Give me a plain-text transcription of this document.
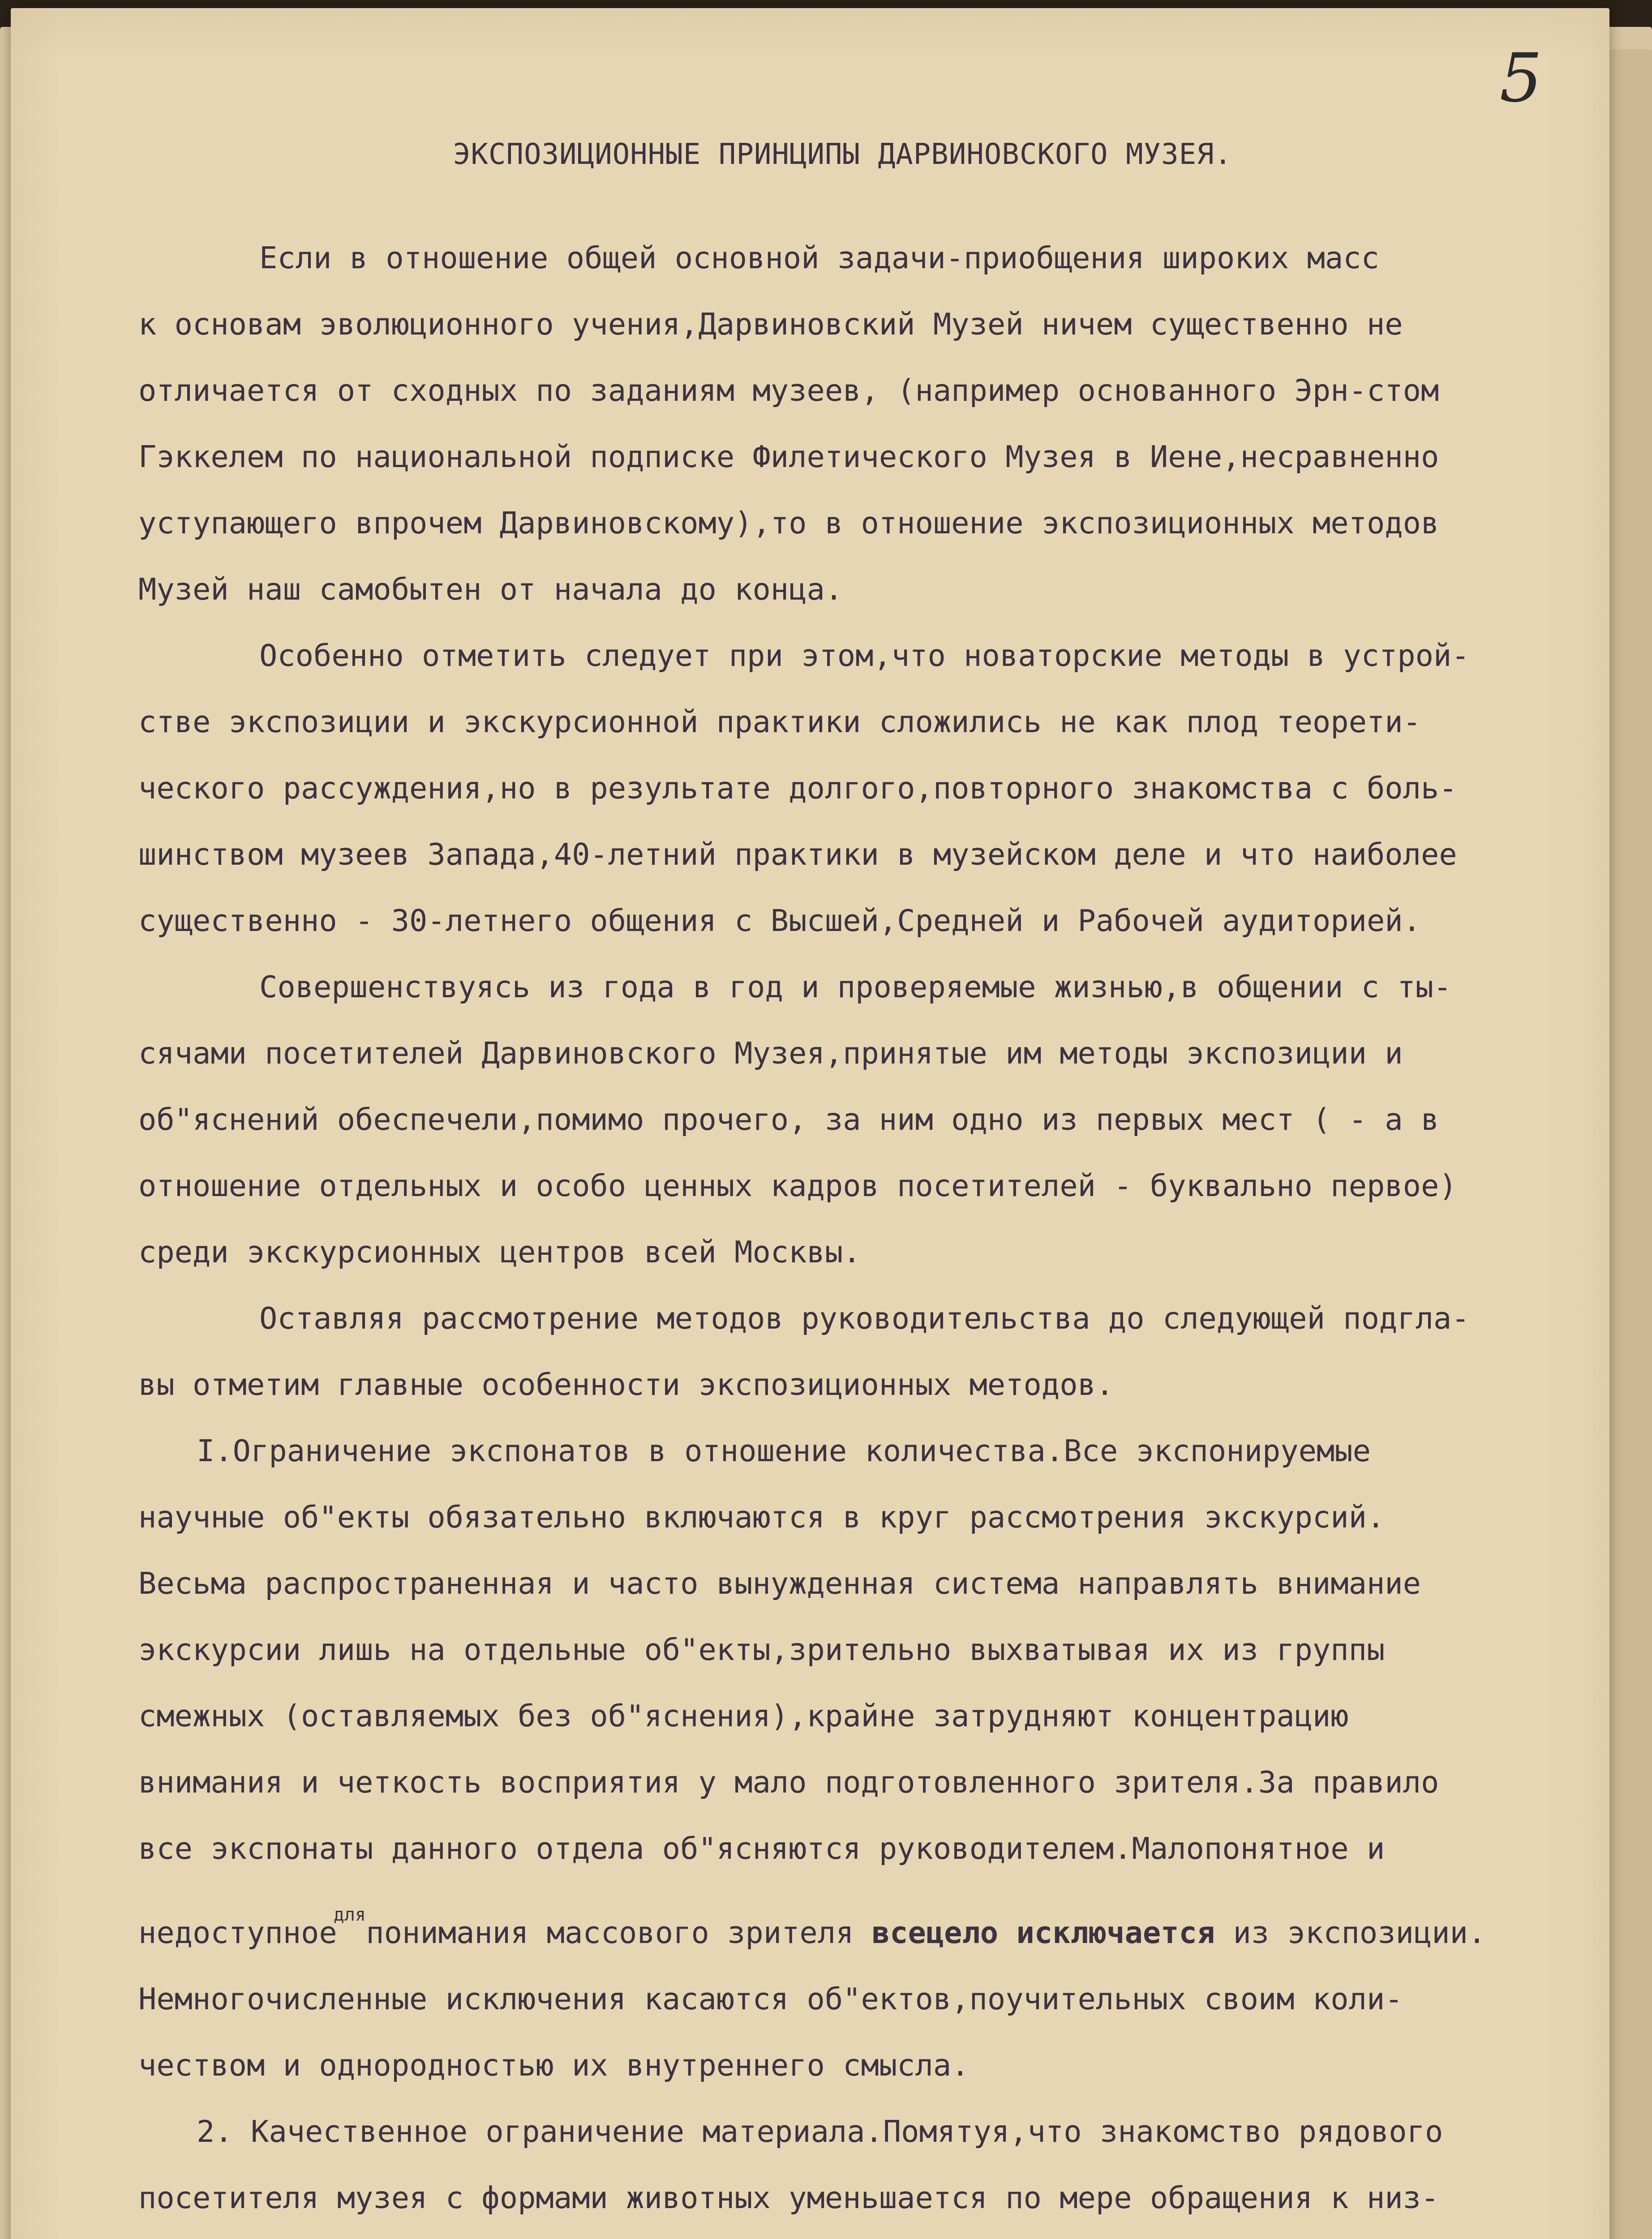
5
ЭКСПОЗИЦИОННЫЕ ПРИНЦИПЫ ДАРВИНОВСКОГО МУЗЕЯ.

Если в отношение общей основной задачи-приобщения широких масс
к основам эволюционного учения,Дарвиновский Музей ничем существенно не
отличается от сходных по заданиям музеев, (например основанного Эрн-стом
Гэккелем по национальной подписке Филетического Музея в Иене,несравненно
уступающего впрочем Дарвиновскому),то в отношение экспозиционных методов
Музей наш самобытен от начала до конца.

Особенно отметить следует при этом,что новаторские методы в устрой-
стве экспозиции и экскурсионной практики сложились не как плод теорети-
ческого рассуждения,но в результате долгого,повторного знакомства с боль-
шинством музеев Запада,40-летний практики в музейском деле и что наиболее
существенно - 30-летнего общения с Высшей,Средней и Рабочей аудиторией.

Совершенствуясь из года в год и проверяемые жизнью,в общении с ты-
сячами посетителей Дарвиновского Музея,принятые им методы экспозиции и
об"яснений обеспечели,помимо прочего, за ним одно из первых мест ( - а в
отношение отдельных и особо ценных кадров посетителей - буквально первое)
среди экскурсионных центров всей Москвы.

Оставляя рассмотрение методов руководительства до следующей подгла-
вы отметим главные особенности экспозиционных методов.

I.Ограничение экспонатов в отношение количества.Все экспонируемые
научные об"екты обязательно включаются в круг рассмотрения экскурсий.
Весьма распространенная и часто вынужденная система направлять внимание
экскурсии лишь на отдельные об"екты,зрительно выхватывая их из группы
смежных (оставляемых без об"яснения),крайне затрудняют концентрацию
внимания и четкость восприятия у мало подготовленного зрителя.За правило
все экспонаты данного отдела об"ясняются руководителем.Малопонятное и
недоступное$^{для}$ понимания массового зрителя всецело исключается из экспозиции.
Немногочисленные исключения касаются об"ектов,поучительных своим коли-
чеством и однородностью их внутреннего смысла.

2. Качественное ограничение материала.Помятуя,что знакомство рядового
посетителя музея с формами животных уменьшается по мере обращения к низ-
